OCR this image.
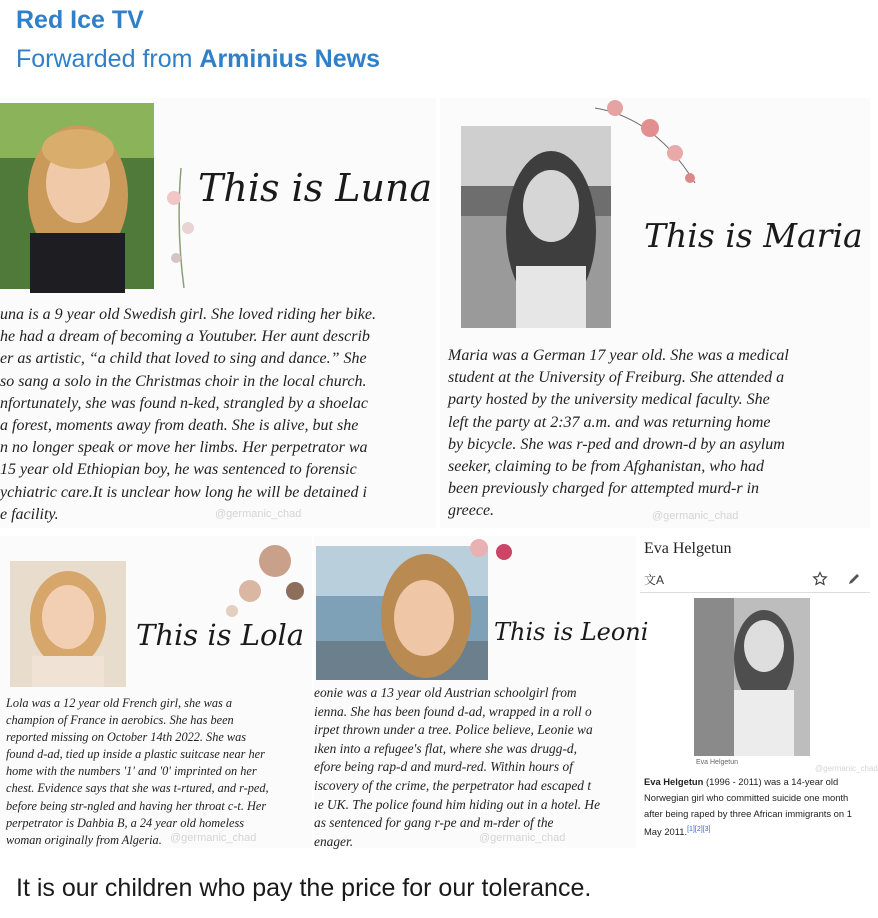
Red Ice TV
Forwarded from Arminius News
This is Luna
una is a 9 year old Swedish girl. She loved riding her bike.
he had a dream of becoming a Youtuber. Her aunt describ
er as artistic, “a child that loved to sing and dance.” She
so sang a solo in the Christmas choir in the local church.
nfortunately, she was found n-ked, strangled by a shoelac
a forest, moments away from death. She is alive, but she
n no longer speak or move her limbs. Her perpetrator wa
15 year old Ethiopian boy, he was sentenced to forensic
ychiatric care.It is unclear how long he will be detained i
e facility.	@germanic_chad
This is Maria
Maria was a German 17 year old. She was a medical
student at the University of Freiburg. She attended a
party hosted by the university medical faculty. She
left the party at 2:37 a.m. and was returning home
by bicycle. She was r-ped and drown-d by an asylum
seeker, claiming to be from Afghanistan, who had
been previously charged for attempted murd-r in
greece.	@germanic_chad
This is Lola
Lola was a 12 year old French girl, she was a
champion of France in aerobics. She has been
reported missing on October 14th 2022. She was
found d-ad, tied up inside a plastic suitcase near her
home with the numbers '1' and '0' imprinted on her
chest. Evidence says that she was t-rtured, and r-ped,
before being str-ngled and having her throat c-t. Her
perpetrator is Dahbia B, a 24 year old homeless
woman originally from Algeria. @germanic_chad
This is Leoni
eonie was a 13 year old Austrian schoolgirl from
ienna. She has been found d-ad, wrapped in a roll o
irpet thrown under a tree. Police believe, Leonie wa
ıken into a refugee's flat, where she was drugg-d,
efore being rap-d and murd-red. Within hours of
iscovery of the crime, the perpetrator had escaped t
ıe UK. The police found him hiding out in a hotel. He
as sentenced for gang r-pe and m-rder of the
enager.	@germanic_chad
Eva Helgetun
文A
Eva Helgetun
Eva Helgetun (1996 - 2011) was a 14-year old Norwegian girl who committed suicide one month after being raped by three African immigrants on 1 May 2011.[1][2][3]
@germanic_chad
It is our children who pay the price for our tolerance.
